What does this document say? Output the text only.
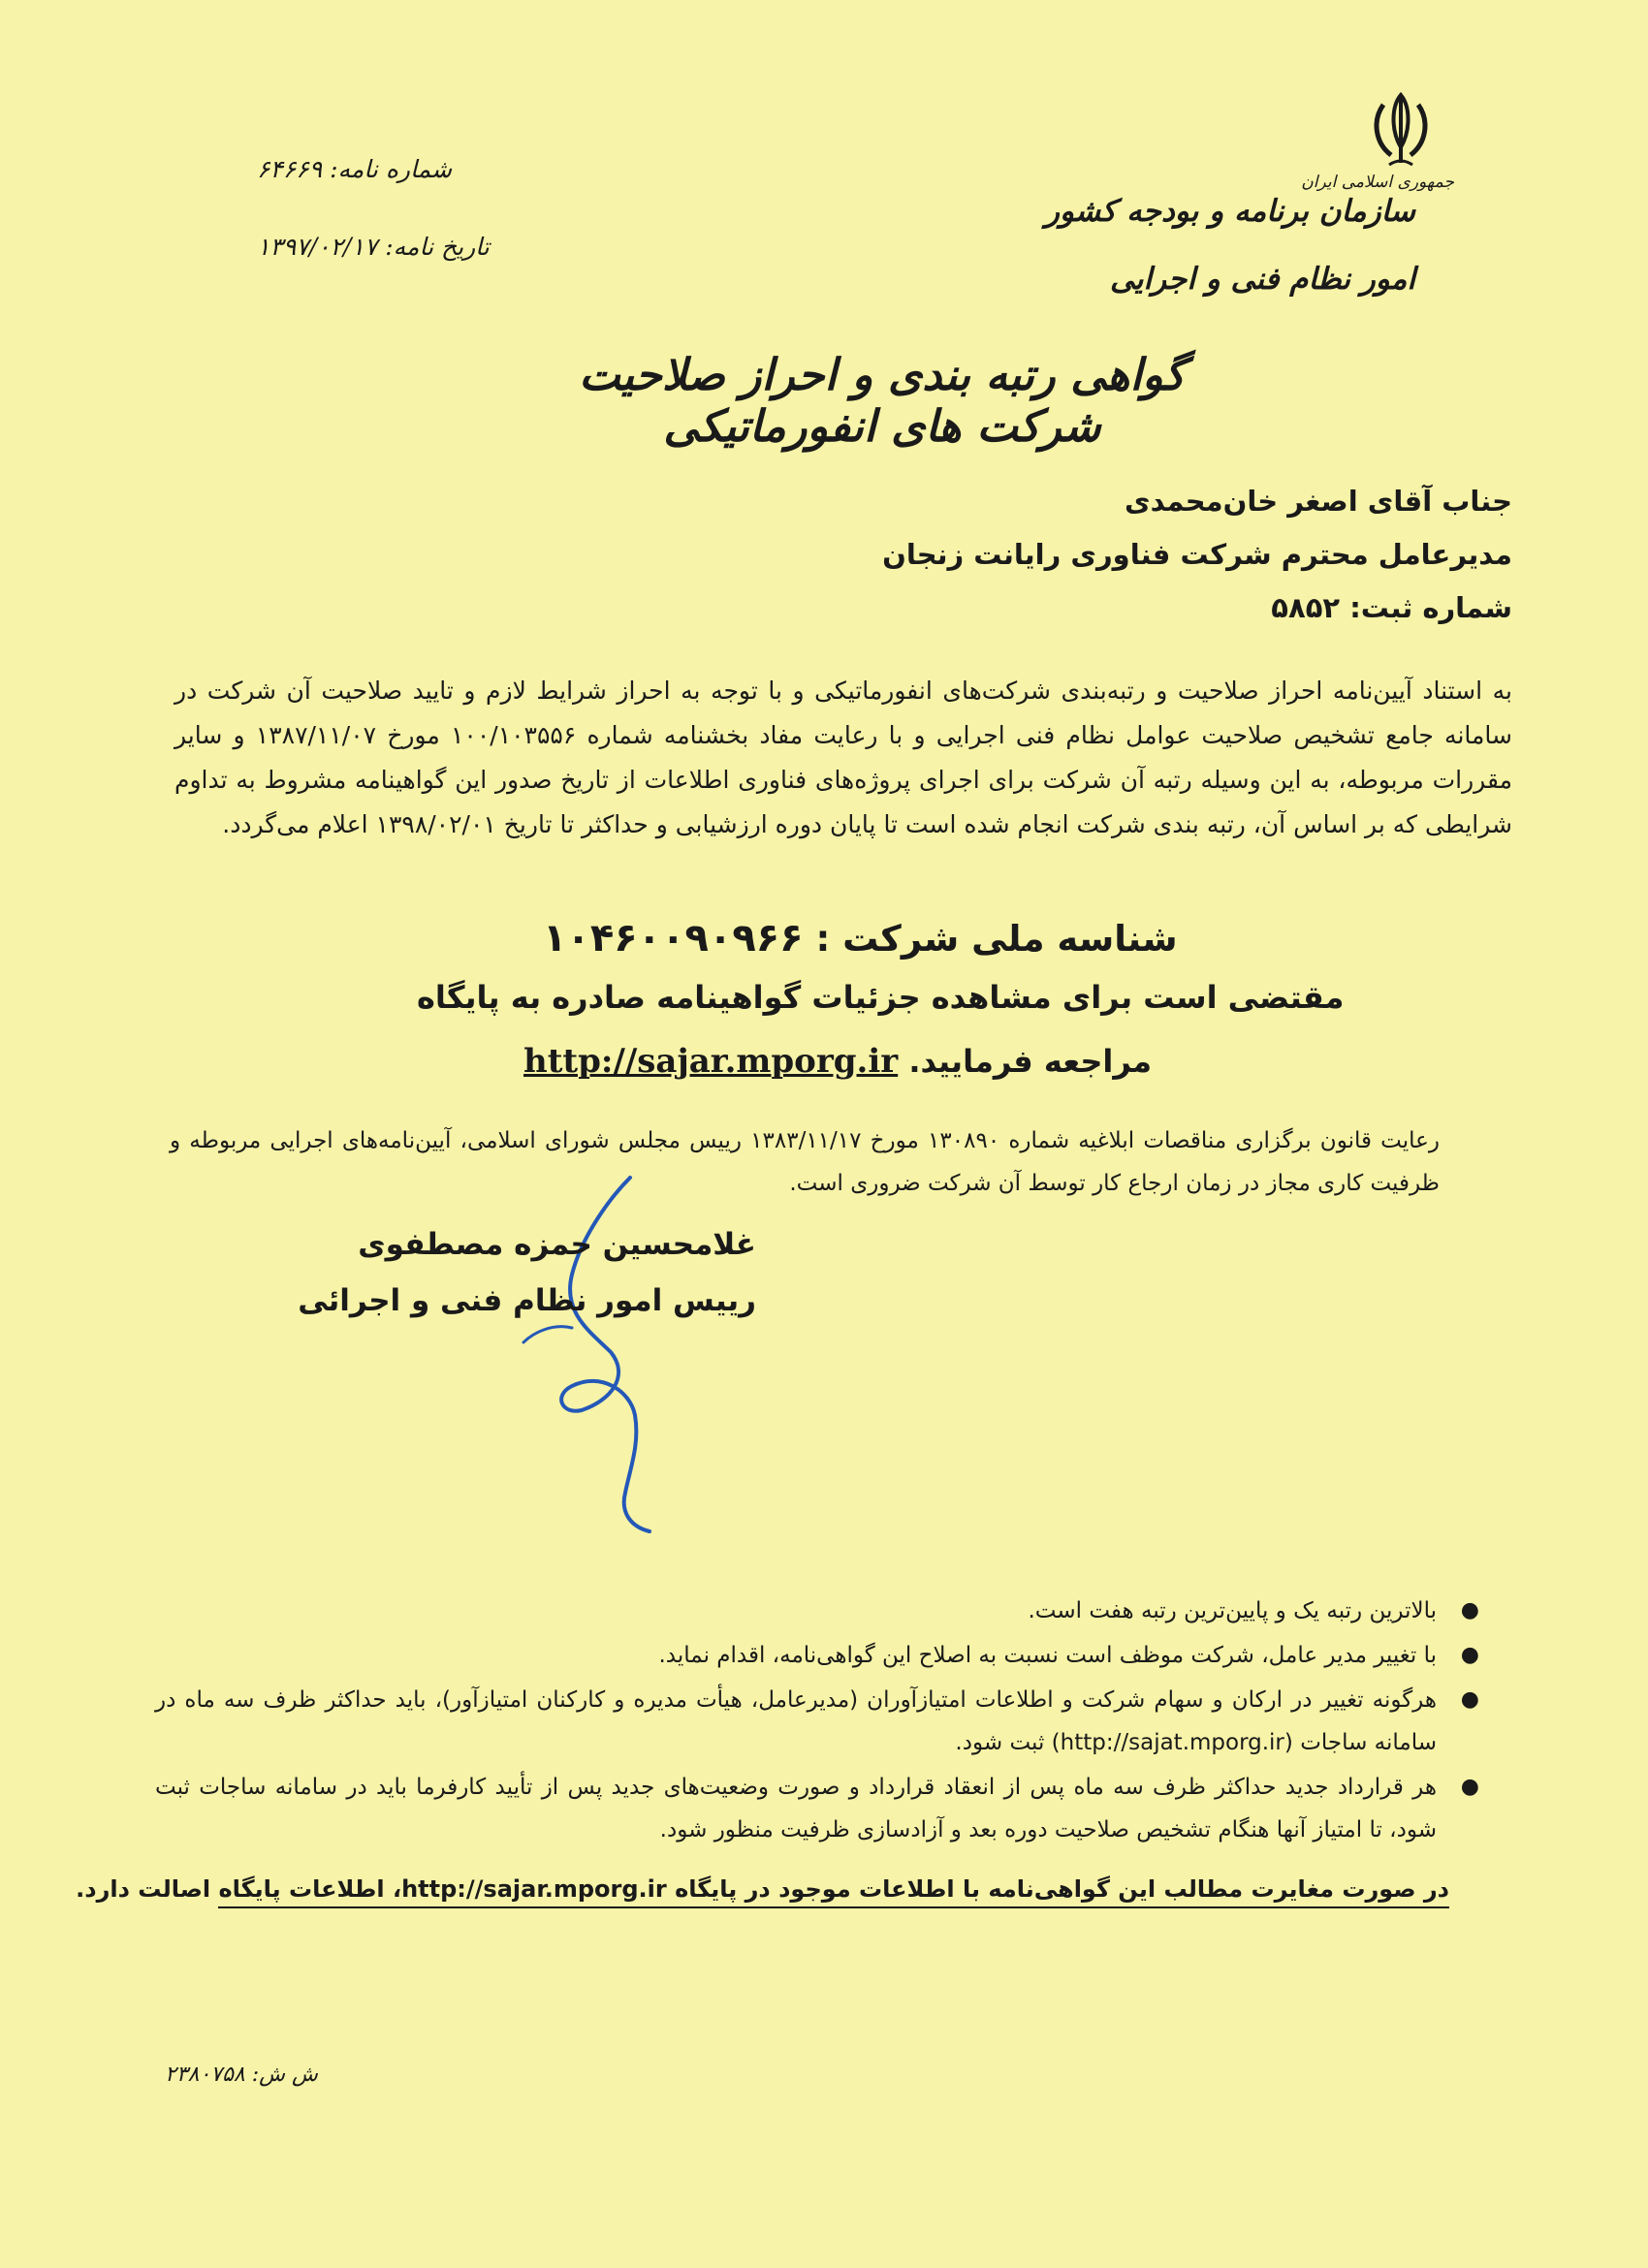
جمهوری اسلامی ایران
سازمان برنامه و بودجه کشور
امور نظام فنی و اجرایی
شماره نامه: ۶۴۶۶۹
تاریخ نامه: ۱۳۹۷/۰۲/۱۷
گواهی رتبه بندی و احراز صلاحیت شرکت های انفورماتیکی
جناب آقای اصغر خان‌محمدی
مدیرعامل محترم شرکت فناوری رایانت زنجان
شماره ثبت: ۵۸۵۲
به استناد آیین‌نامه احراز صلاحیت و رتبه‌بندی شرکت‌های انفورماتیکی و با توجه به احراز شرایط لازم و تایید صلاحیت آن شرکت در سامانه جامع تشخیص صلاحیت عوامل نظام فنی اجرایی و با رعایت مفاد بخشنامه شماره ۱۰۰/۱۰۳۵۵۶ مورخ ۱۳۸۷/۱۱/۰۷ و سایر مقررات مربوطه، به این وسیله رتبه آن شرکت برای اجرای پروژه‌های فناوری اطلاعات از تاریخ صدور این گواهینامه مشروط به تداوم شرایطی که بر اساس آن، رتبه بندی شرکت انجام شده است تا پایان دوره ارزشیابی و حداکثر تا تاریخ ۱۳۹۸/۰۲/۰۱ اعلام می‌گردد.
شناسه ملی شرکت : ۱۰۴۶۰۰۹۰۹۶۶
مقتضی است برای مشاهده جزئیات گواهینامه صادره به پایگاه
مراجعه فرمایید. http://sajar.mporg.ir
رعایت قانون برگزاری مناقصات ابلاغیه شماره ۱۳۰۸۹۰ مورخ ۱۳۸۳/۱۱/۱۷ رییس مجلس شورای اسلامی، آیین‌نامه‌های اجرایی مربوطه و ظرفیت کاری مجاز در زمان ارجاع کار توسط آن شرکت ضروری است.
غلامحسین حمزه مصطفوی
رییس امور نظام فنی و اجرائی
●
بالاترین رتبه یک و پایین‌ترین رتبه هفت است.
●
با تغییر مدیر عامل، شرکت موظف است نسبت به اصلاح این گواهی‌نامه، اقدام نماید.
●
هرگونه تغییر در ارکان و سهام شرکت و اطلاعات امتیازآوران (مدیرعامل، هیأت مدیره و کارکنان امتیازآور)، باید حداکثر ظرف سه ماه در سامانه ساجات (http://sajat.mporg.ir) ثبت شود.
●
هر قرارداد جدید حداکثر ظرف سه ماه پس از انعقاد قرارداد و صورت وضعیت‌های جدید پس از تأیید کارفرما باید در سامانه ساجات ثبت شود، تا امتیاز آنها هنگام تشخیص صلاحیت دوره بعد و آزادسازی ظرفیت منظور شود.
در صورت مغایرت مطالب این گواهی‌نامه با اطلاعات موجود در پایگاه http://sajar.mporg.ir، اطلاعات پایگاه اصالت دارد.
ش ش: ۲۳۸۰۷۵۸
